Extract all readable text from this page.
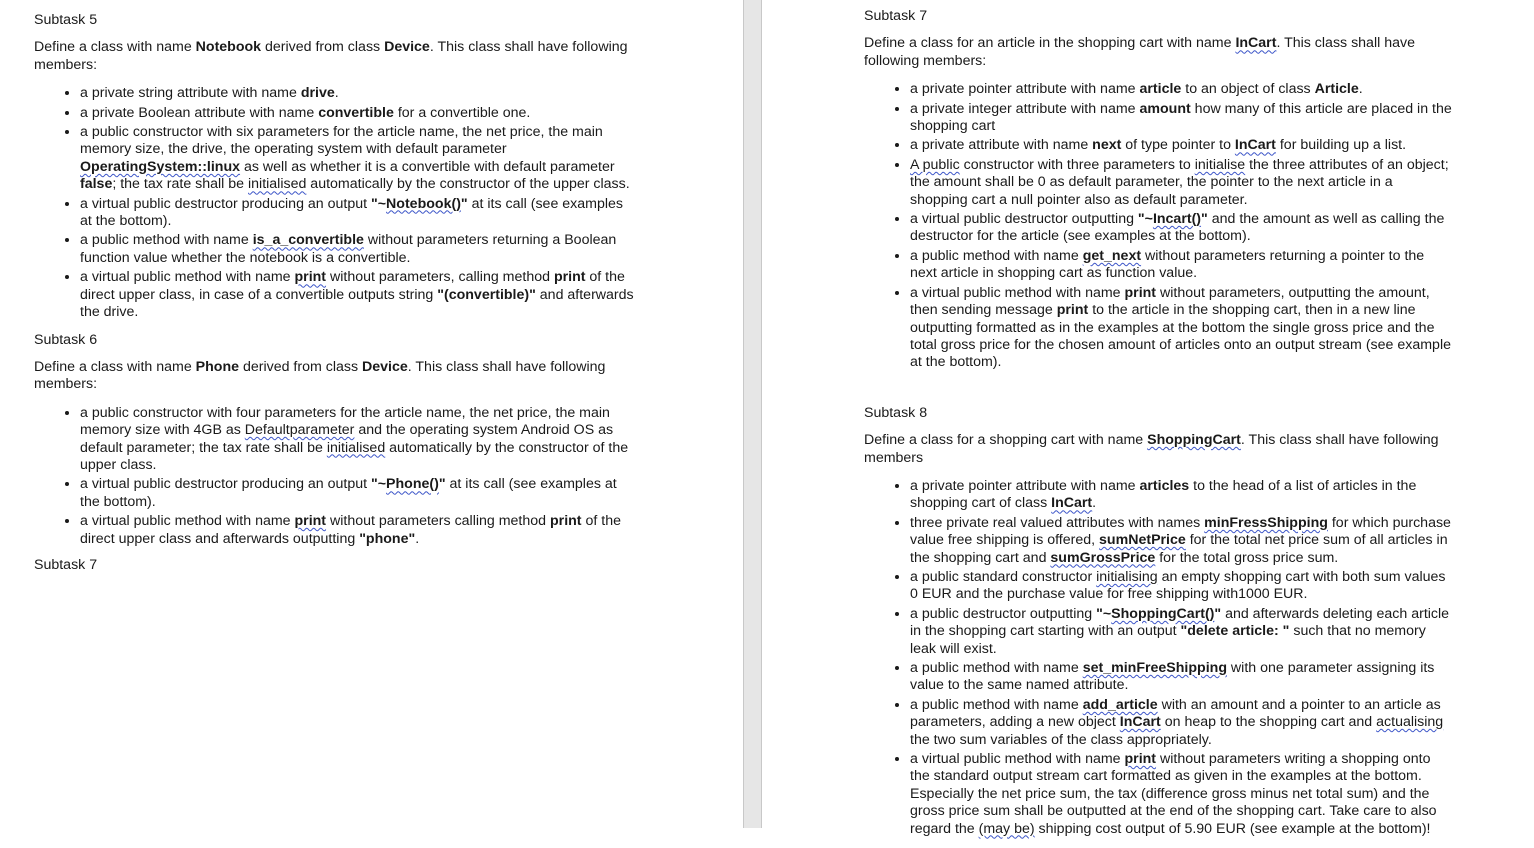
Subtask 5
Define a class with name Notebook derived from class Device. This class shall have following members:
• a private string attribute with name drive.
• a private Boolean attribute with name convertible for a convertible one.
• a public constructor with six parameters for the article name, the net price, the main memory size, the drive, the operating system with default parameter OperatingSystem::linux as well as whether it is a convertible with default parameter false; the tax rate shall be initialised automatically by the constructor of the upper class.
• a virtual public destructor producing an output "~Notebook()" at its call (see examples at the bottom).
• a public method with name is_a_convertible without parameters returning a Boolean function value whether the notebook is a convertible.
• a virtual public method with name print without parameters, calling method print of the direct upper class, in case of a convertible outputs string "(convertible)" and afterwards the drive.
Subtask 6
Define a class with name Phone derived from class Device. This class shall have following members:
• a public constructor with four parameters for the article name, the net price, the main memory size with 4GB as Defaultparameter and the operating system Android OS as default parameter; the tax rate shall be initialised automatically by the constructor of the upper class.
• a virtual public destructor producing an output "~Phone()" at its call (see examples at the bottom).
• a virtual public method with name print without parameters calling method print of the direct upper class and afterwards outputting "phone".
Subtask 7
Subtask 7
Define a class for an article in the shopping cart with name InCart. This class shall have following members:
• a private pointer attribute with name article to an object of class Article.
• a private integer attribute with name amount how many of this article are placed in the shopping cart
• a private attribute with name next of type pointer to InCart for building up a list.
• A public constructor with three parameters to initialise the three attributes of an object; the amount shall be 0 as default parameter, the pointer to the next article in a shopping cart a null pointer also as default parameter.
• a virtual public destructor outputting "~Incart()" and the amount as well as calling the destructor for the article (see examples at the bottom).
• a public method with name get_next without parameters returning a pointer to the next article in shopping cart as function value.
• a virtual public method with name print without parameters, outputting the amount, then sending message print to the article in the shopping cart, then in a new line outputting formatted as in the examples at the bottom the single gross price and the total gross price for the chosen amount of articles onto an output stream (see example at the bottom).
Subtask 8
Define a class for a shopping cart with name ShoppingCart. This class shall have following members
• a private pointer attribute with name articles to the head of a list of articles in the shopping cart of class InCart.
• three private real valued attributes with names minFressShipping for which purchase value free shipping is offered, sumNetPrice for the total net price sum of all articles in the shopping cart and sumGrossPrice for the total gross price sum.
• a public standard constructor initialising an empty shopping cart with both sum values 0 EUR and the purchase value for free shipping with1000 EUR.
• a public destructor outputting "~ShoppingCart()" and afterwards deleting each article in the shopping cart starting with an output "delete article: " such that no memory leak will exist.
• a public method with name set_minFreeShipping with one parameter assigning its value to the same named attribute.
• a public method with name add_article with an amount and a pointer to an article as parameters, adding a new object InCart on heap to the shopping cart and actualising the two sum variables of the class appropriately.
• a virtual public method with name print without parameters writing a shopping onto the standard output stream cart formatted as given in the examples at the bottom. Especially the net price sum, the tax (difference gross minus net total sum) and the gross price sum shall be outputted at the end of the shopping cart. Take care to also regard the (may be) shipping cost output of 5.90 EUR (see example at the bottom)!
